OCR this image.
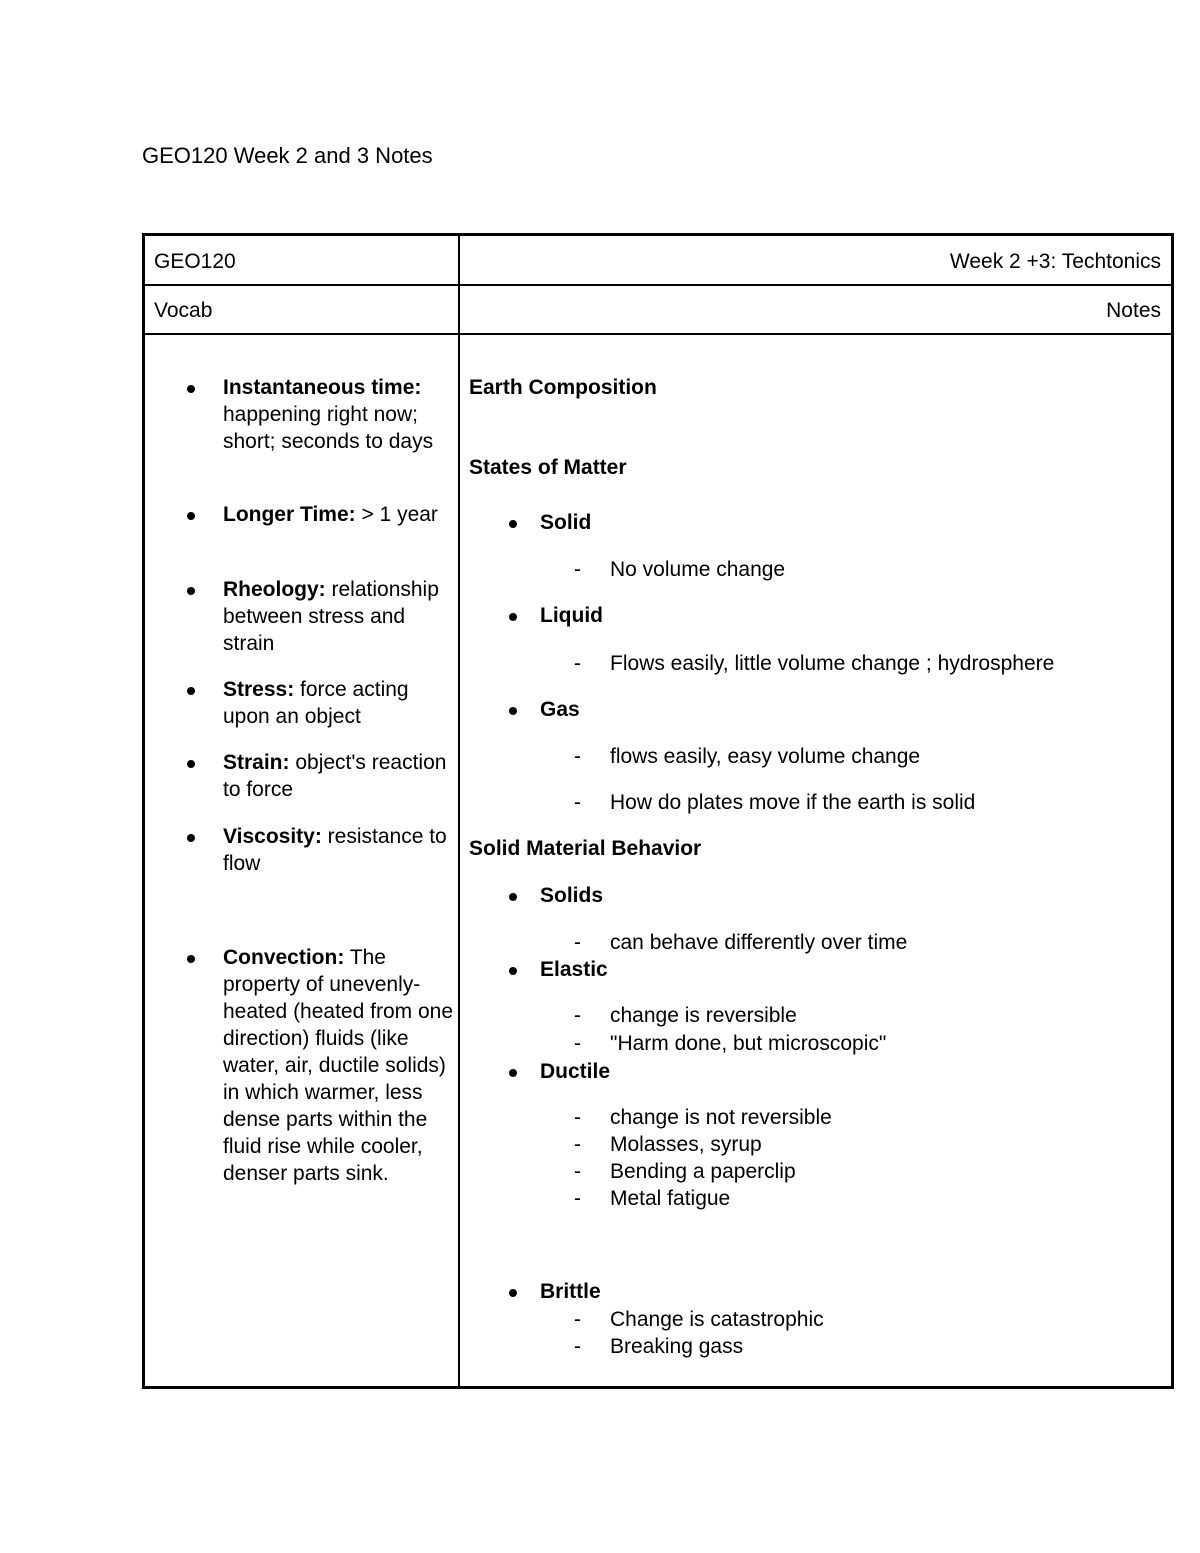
GEO120 Week 2 and 3 Notes
GEO120	Week 2 +3: Techtonics
Vocab	Notes
Instantaneous time: happening right now; short; seconds to days
Longer Time: > 1 year
Rheology: relationship between stress and strain
Stress: force acting upon an object
Strain: object's reaction to force
Viscosity: resistance to flow
Convection: The property of unevenly-heated (heated from one direction) fluids (like water, air, ductile solids) in which warmer, less dense parts within the fluid rise while cooler, denser parts sink.
Earth Composition
States of Matter
Solid
- No volume change
Liquid
- Flows easily, little volume change ; hydrosphere
Gas
- flows easily, easy volume change
- How do plates move if the earth is solid
Solid Material Behavior
Solids
- can behave differently over time
Elastic
- change is reversible
- "Harm done, but microscopic"
Ductile
- change is not reversible
- Molasses, syrup
- Bending a paperclip
- Metal fatigue
Brittle
- Change is catastrophic
- Breaking gass
